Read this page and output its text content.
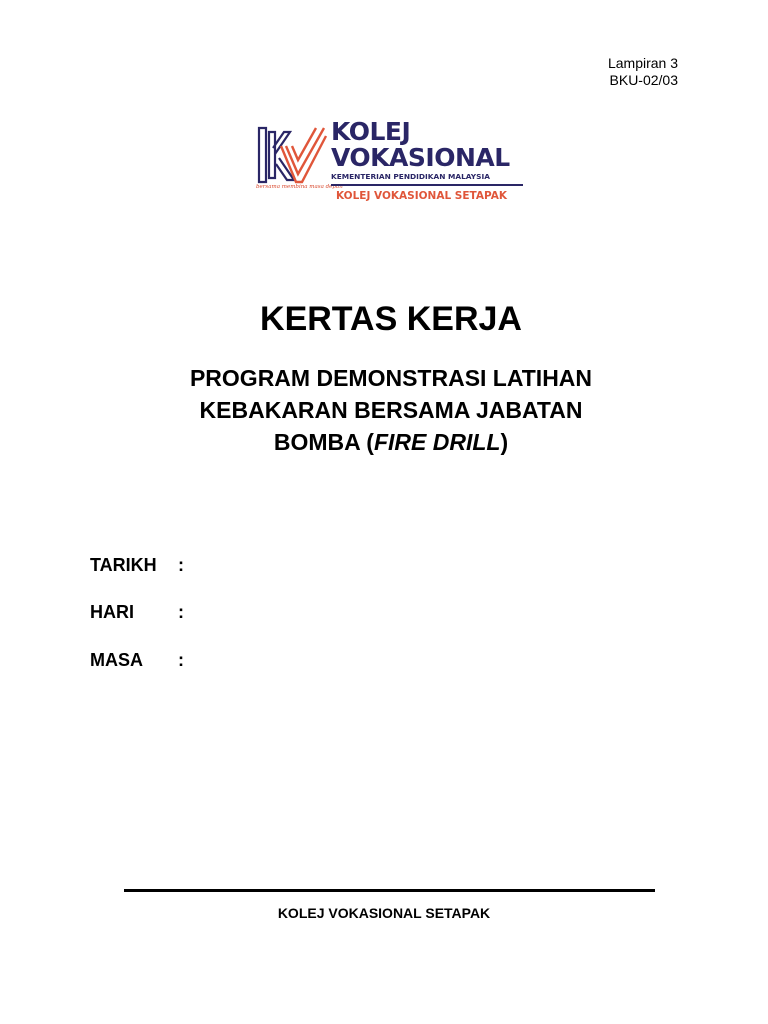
Lampiran 3
BKU-02/03
bersama membina masa depan
KOLEJ
VOKASIONAL
KEMENTERIAN PENDIDIKAN MALAYSIA
KOLEJ VOKASIONAL SETAPAK
KERTAS KERJA
PROGRAM DEMONSTRASI LATIHAN
KEBAKARAN BERSAMA JABATAN
BOMBA (FIRE DRILL)
TARIKH :
HARI :
MASA :
KOLEJ VOKASIONAL SETAPAK
